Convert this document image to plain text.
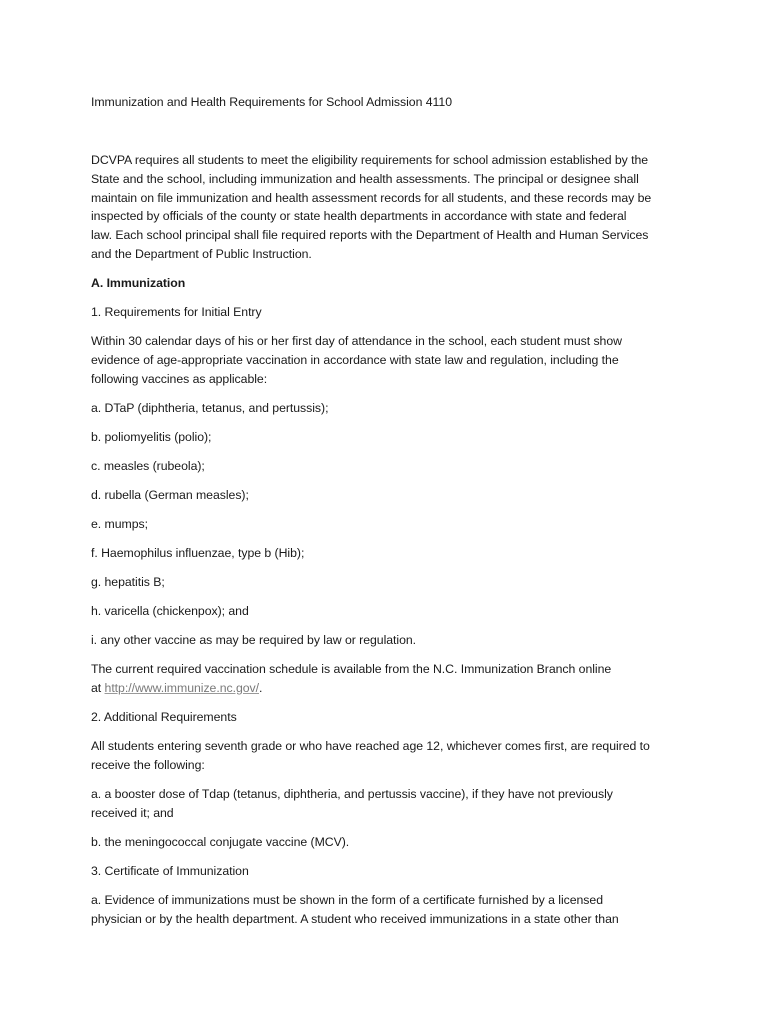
Immunization and Health Requirements for School Admission 4110
DCVPA requires all students to meet the eligibility requirements for school admission established by the
State and the school, including immunization and health assessments. The principal or designee shall
maintain on file immunization and health assessment records for all students, and these records may be
inspected by officials of the county or state health departments in accordance with state and federal
law. Each school principal shall file required reports with the Department of Health and Human Services
and the Department of Public Instruction.
A. Immunization
1. Requirements for Initial Entry
Within 30 calendar days of his or her first day of attendance in the school, each student must show
evidence of age-appropriate vaccination in accordance with state law and regulation, including the
following vaccines as applicable:
a. DTaP (diphtheria, tetanus, and pertussis);
b. poliomyelitis (polio);
c. measles (rubeola);
d. rubella (German measles);
e. mumps;
f. Haemophilus influenzae, type b (Hib);
g. hepatitis B;
h. varicella (chickenpox); and
i. any other vaccine as may be required by law or regulation.
The current required vaccination schedule is available from the N.C. Immunization Branch online
at http://www.immunize.nc.gov/.
2. Additional Requirements
All students entering seventh grade or who have reached age 12, whichever comes first, are required to
receive the following:
a. a booster dose of Tdap (tetanus, diphtheria, and pertussis vaccine), if they have not previously
received it; and
b. the meningococcal conjugate vaccine (MCV).
3. Certificate of Immunization
a. Evidence of immunizations must be shown in the form of a certificate furnished by a licensed
physician or by the health department. A student who received immunizations in a state other than
